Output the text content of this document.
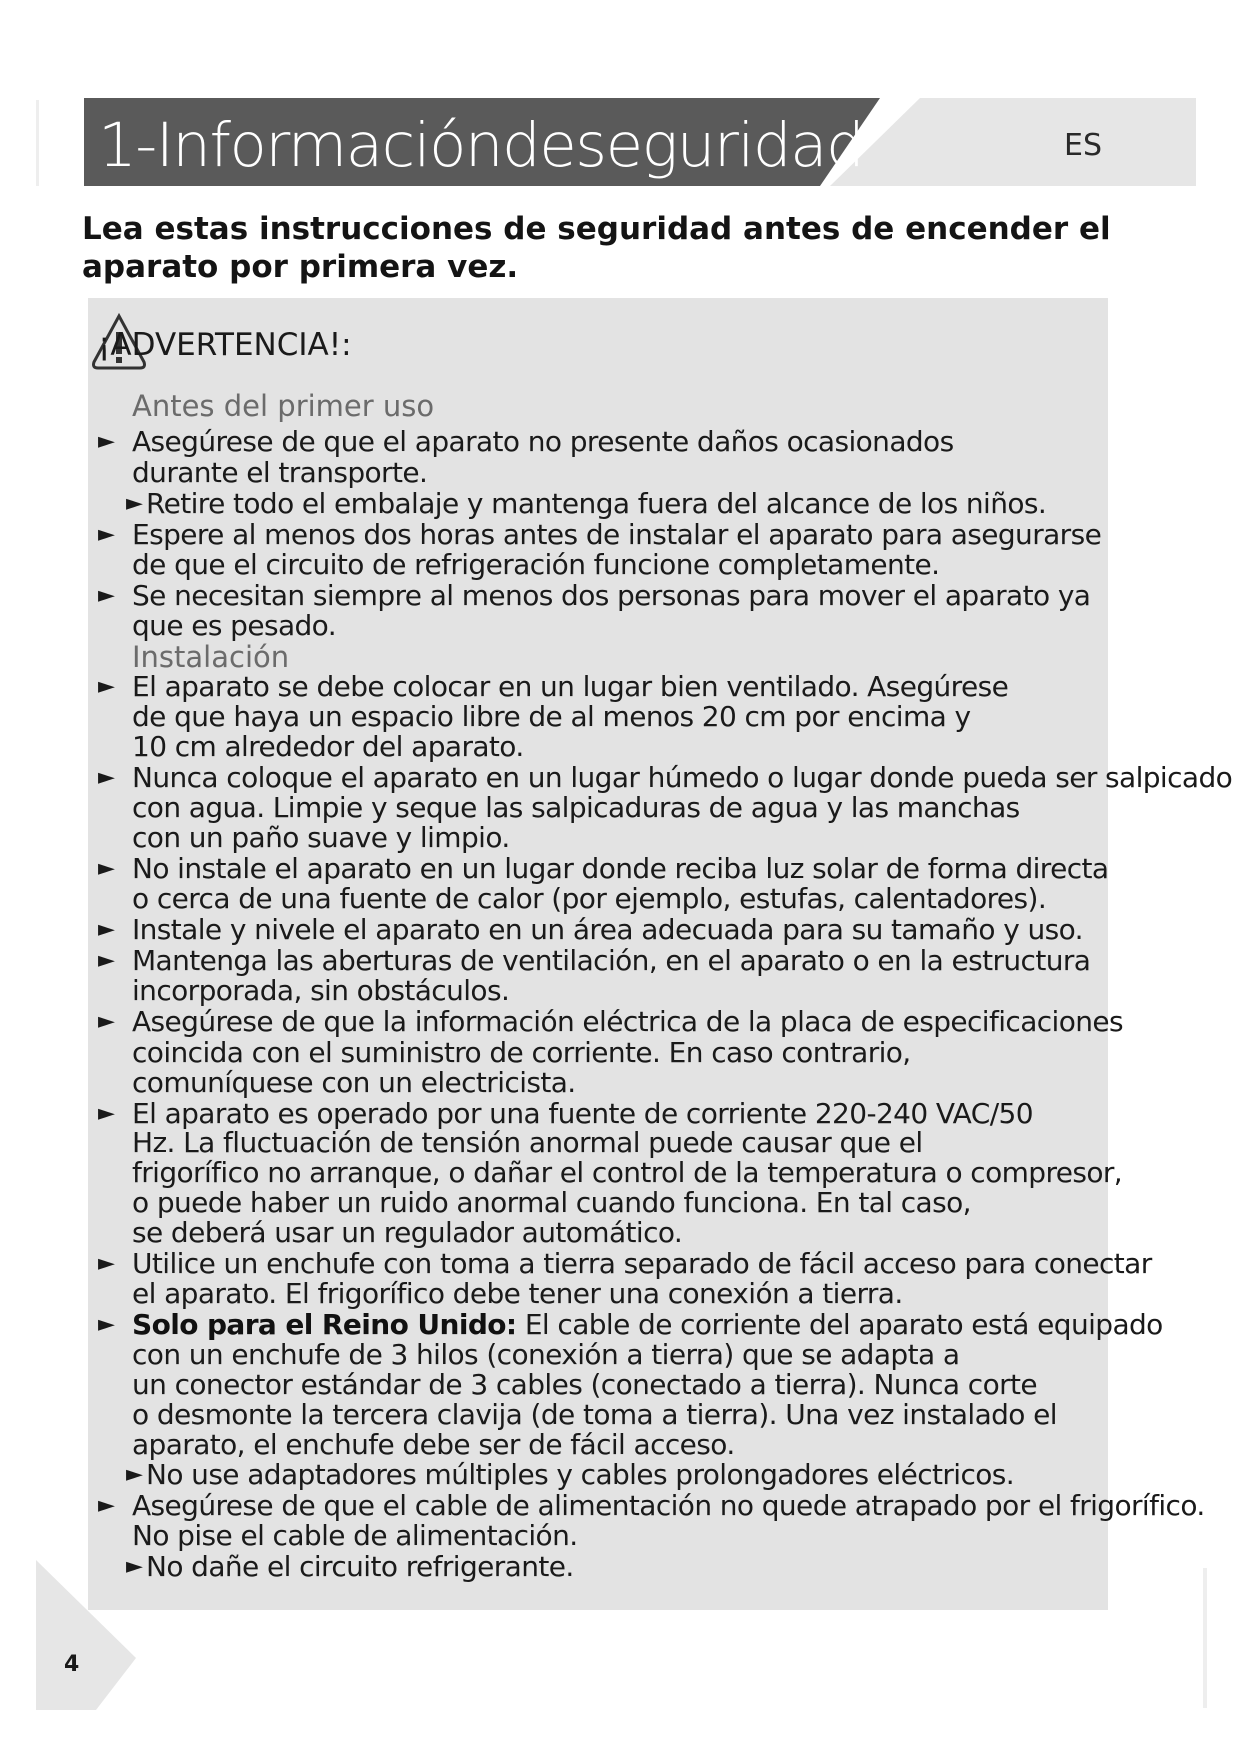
1-Informacióndeseguridad	ES

Lea estas instrucciones de seguridad antes de encender el aparato por primera vez.

¡ADVERTENCIA!:
Antes del primer uso
► Asegúrese de que el aparato no presente daños ocasionados
durante el transporte.
► Retire todo el embalaje y mantenga fuera del alcance de los niños.
► Espere al menos dos horas antes de instalar el aparato para asegurarse
de que el circuito de refrigeración funcione completamente.
► Se necesitan siempre al menos dos personas para mover el aparato ya
que es pesado.
Instalación
► El aparato se debe colocar en un lugar bien ventilado. Asegúrese
de que haya un espacio libre de al menos 20 cm por encima y
10 cm alrededor del aparato.
► Nunca coloque el aparato en un lugar húmedo o lugar donde pueda ser salpicado
con agua. Limpie y seque las salpicaduras de agua y las manchas
con un paño suave y limpio.
► No instale el aparato en un lugar donde reciba luz solar de forma directa
o cerca de una fuente de calor (por ejemplo, estufas, calentadores).
► Instale y nivele el aparato en un área adecuada para su tamaño y uso.
► Mantenga las aberturas de ventilación, en el aparato o en la estructura
incorporada, sin obstáculos.
► Asegúrese de que la información eléctrica de la placa de especificaciones
coincida con el suministro de corriente. En caso contrario,
comuníquese con un electricista.
► El aparato es operado por una fuente de corriente 220-240 VAC/50
Hz. La fluctuación de tensión anormal puede causar que el
frigorífico no arranque, o dañar el control de la temperatura o compresor,
o puede haber un ruido anormal cuando funciona. En tal caso,
se deberá usar un regulador automático.
► Utilice un enchufe con toma a tierra separado de fácil acceso para conectar
el aparato. El frigorífico debe tener una conexión a tierra.
► Solo para el Reino Unido: El cable de corriente del aparato está equipado
con un enchufe de 3 hilos (conexión a tierra) que se adapta a
un conector estándar de 3 cables (conectado a tierra). Nunca corte
o desmonte la tercera clavija (de toma a tierra). Una vez instalado el
aparato, el enchufe debe ser de fácil acceso.
► No use adaptadores múltiples y cables prolongadores eléctricos.
► Asegúrese de que el cable de alimentación no quede atrapado por el frigorífico.
No pise el cable de alimentación.
► No dañe el circuito refrigerante.
4
